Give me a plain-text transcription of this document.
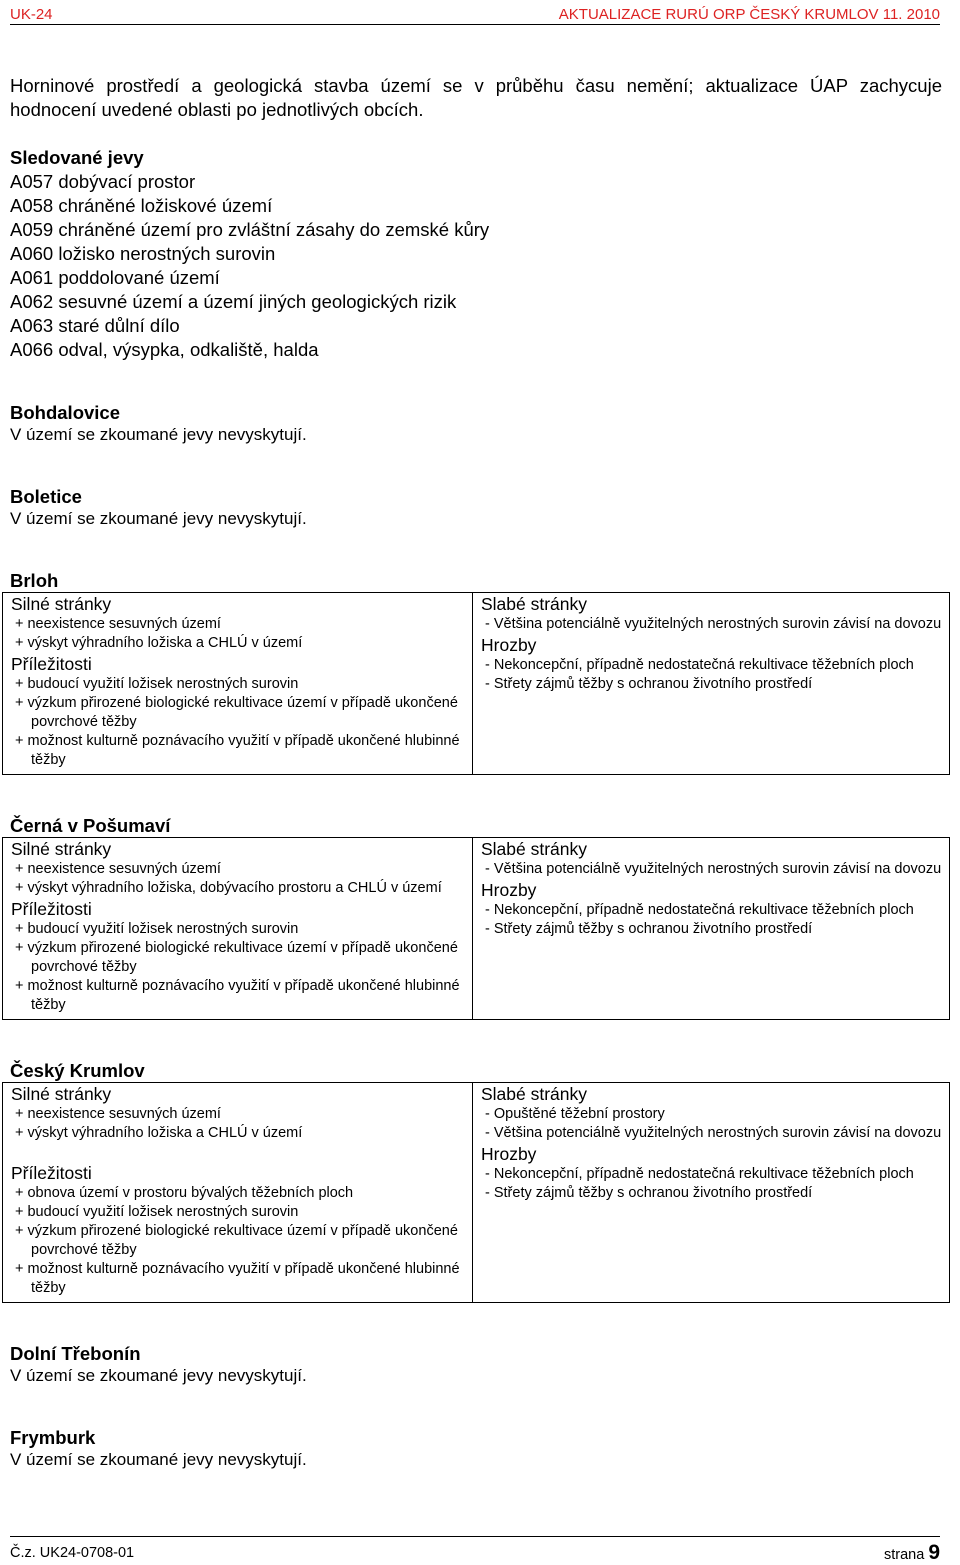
UK-24	AKTUALIZACE RURÚ ORP ČESKÝ KRUMLOV 11. 2010

Horninové prostředí a geologická stavba území se v průběhu času nemění; aktualizace ÚAP zachycuje hodnocení uvedené oblasti po jednotlivých obcích.

Sledované jevy
A057 dobývací prostor
A058 chráněné ložiskové území
A059 chráněné území pro zvláštní zásahy do zemské kůry
A060 ložisko nerostných surovin
A061 poddolované území
A062 sesuvné území a území jiných geologických rizik
A063 staré důlní dílo
A066 odval, výsypka, odkaliště, halda
Bohdalovice
V území se zkoumané jevy nevyskytují.
Boletice
V území se zkoumané jevy nevyskytují.
Brloh
Silné stránky
+ neexistence sesuvných území
+ výskyt výhradního ložiska a CHLÚ v území
Příležitosti
+ budoucí využití ložisek nerostných surovin
+ výzkum přirozené biologické rekultivace území v případě ukončené povrchové těžby
+ možnost kulturně poznávacího využití v případě ukončené hlubinné těžby

Slabé stránky
- Většina potenciálně využitelných nerostných surovin závisí na dovozu
Hrozby
- Nekoncepční, případně nedostatečná rekultivace těžebních ploch
- Střety zájmů těžby s ochranou životního prostředí
Černá v Pošumaví
Silné stránky
+ neexistence sesuvných území
+ výskyt výhradního ložiska, dobývacího prostoru a CHLÚ v území
Příležitosti
+ budoucí využití ložisek nerostných surovin
+ výzkum přirozené biologické rekultivace území v případě ukončené povrchové těžby
+ možnost kulturně poznávacího využití v případě ukončené hlubinné těžby

Slabé stránky
- Většina potenciálně využitelných nerostných surovin závisí na dovozu
Hrozby
- Nekoncepční, případně nedostatečná rekultivace těžebních ploch
- Střety zájmů těžby s ochranou životního prostředí
Český Krumlov
Silné stránky
+ neexistence sesuvných území
+ výskyt výhradního ložiska a CHLÚ v území
Příležitosti
+ obnova území v prostoru bývalých těžebních ploch
+ budoucí využití ložisek nerostných surovin
+ výzkum přirozené biologické rekultivace území v případě ukončené povrchové těžby
+ možnost kulturně poznávacího využití v případě ukončené hlubinné těžby

Slabé stránky
- Opuštěné těžební prostory
- Většina potenciálně využitelných nerostných surovin závisí na dovozu
Hrozby
- Nekoncepční, případně nedostatečná rekultivace těžebních ploch
- Střety zájmů těžby s ochranou životního prostředí
Dolní Třebonín
V území se zkoumané jevy nevyskytují.
Frymburk
V území se zkoumané jevy nevyskytují.
Č.z. UK24-0708-01	strana 9
